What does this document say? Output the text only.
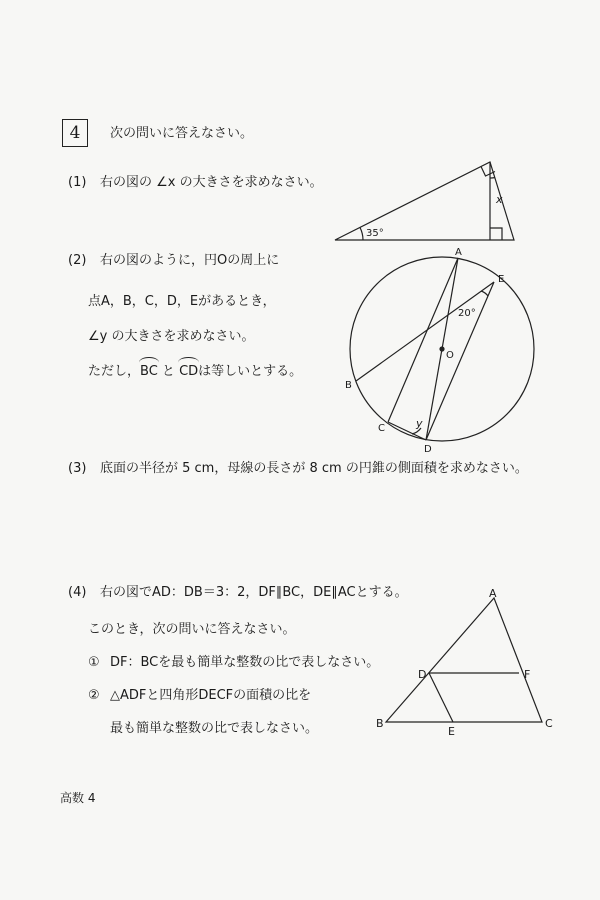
4	次の問いに答えなさい。
(1) 右の図の ∠x の大きさを求めなさい。
(2) 右の図のように，円Oの周上に
点A，B，C，D，Eがあるとき，
∠y の大きさを求めなさい。
ただし，BC と CDは等しいとする。
(3) 底面の半径が 5 cm，母線の長さが 8 cm の円錐の側面積を求めなさい。
(4) 右の図でAD：DB＝3：2，DF∥BC，DE∥ACとする。
このとき，次の問いに答えなさい。
① DF：BCを最も簡単な整数の比で表しなさい。
② △ADFと四角形DECFの面積の比を
最も簡単な整数の比で表しなさい。
高数 4
35°
x
A
E
B
C
D
O
20°
y
A
B	C
D
E
F
